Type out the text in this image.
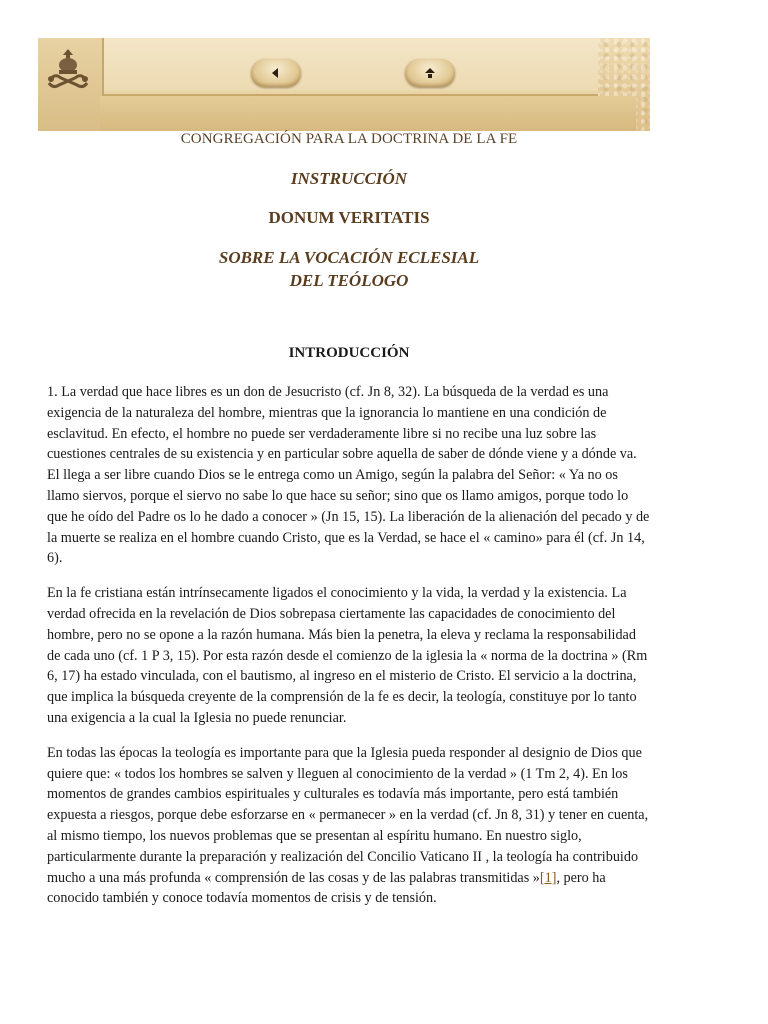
CONGREGACIÓN PARA LA DOCTRINA DE LA FE
INSTRUCCIÓN
DONUM VERITATIS
SOBRE LA VOCACIÓN ECLESIAL
DEL TEÓLOGO
INTRODUCCIÓN

1. La verdad que hace libres es un don de Jesucristo (cf. Jn 8, 32). La búsqueda de la verdad es una exigencia de la naturaleza del hombre, mientras que la ignorancia lo mantiene en una condición de esclavitud. En efecto, el hombre no puede ser verdaderamente libre si no recibe una luz sobre las cuestiones centrales de su existencia y en particular sobre aquella de saber de dónde viene y a dónde va. El llega a ser libre cuando Dios se le entrega como un Amigo, según la palabra del Señor: « Ya no os llamo siervos, porque el siervo no sabe lo que hace su señor; sino que os llamo amigos, porque todo lo que he oído del Padre os lo he dado a conocer » (Jn 15, 15). La liberación de la alienación del pecado y de la muerte se realiza en el hombre cuando Cristo, que es la Verdad, se hace el « camino» para él (cf. Jn 14, 6).

En la fe cristiana están intrínsecamente ligados el conocimiento y la vida, la verdad y la existencia. La verdad ofrecida en la revelación de Dios sobrepasa ciertamente las capacidades de conocimiento del hombre, pero no se opone a la razón humana. Más bien la penetra, la eleva y reclama la responsabilidad de cada uno (cf. 1 P 3, 15). Por esta razón desde el comienzo de la iglesia la « norma de la doctrina » (Rm 6, 17) ha estado vinculada, con el bautismo, al ingreso en el misterio de Cristo. El servicio a la doctrina, que implica la búsqueda creyente de la comprensión de la fe es decir, la teología, constituye por lo tanto una exigencia a la cual la Iglesia no puede renunciar.

En todas las épocas la teología es importante para que la Iglesia pueda responder al designio de Dios que quiere que: « todos los hombres se salven y lleguen al conocimiento de la verdad » (1 Tm 2, 4). En los momentos de grandes cambios espirituales y culturales es todavía más importante, pero está también expuesta a riesgos, porque debe esforzarse en « permanecer » en la verdad (cf. Jn 8, 31) y tener en cuenta, al mismo tiempo, los nuevos problemas que se presentan al espíritu humano. En nuestro siglo, particularmente durante la preparación y realización del Concilio Vaticano II , la teología ha contribuido mucho a una más profunda « comprensión de las cosas y de las palabras transmitidas »[1], pero ha conocido también y conoce todavía momentos de crisis y de tensión.
